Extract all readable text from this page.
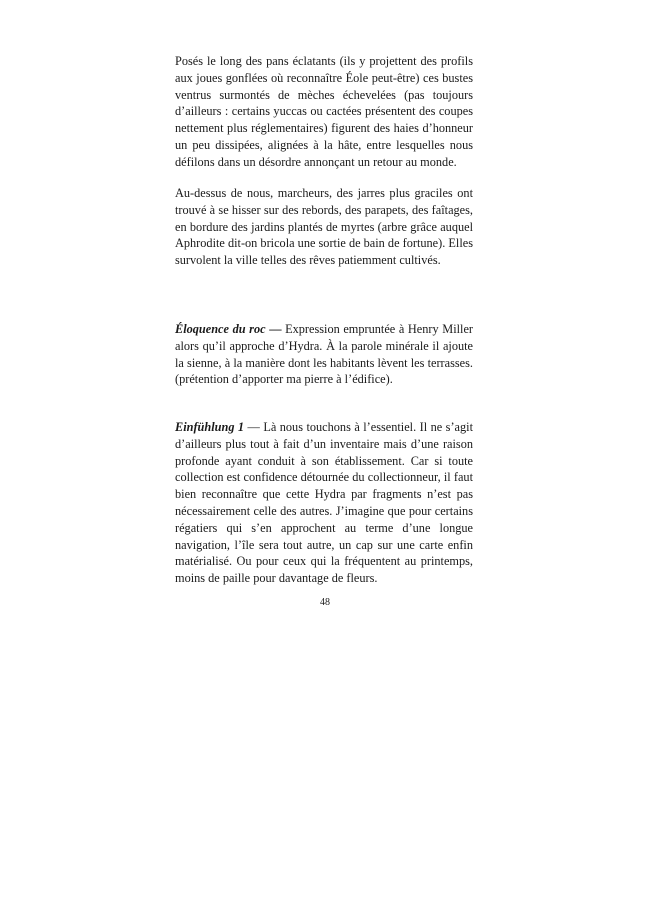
Posés le long des pans éclatants (ils y projettent des profils aux joues gonflées où reconnaître Éole peut-être) ces bustes ventrus surmontés de mèches échevelées (pas toujours d’ailleurs : certains yuccas ou cactées présentent des coupes nettement plus réglementaires) figurent des haies d’honneur un peu dissipées, alignées à la hâte, entre lesquelles nous défilons dans un désordre annonçant un retour au monde.

Au-dessus de nous, marcheurs, des jarres plus graciles ont trouvé à se hisser sur des rebords, des parapets, des faîtages, en bordure des jardins plantés de myrtes (arbre grâce auquel Aphrodite dit-on bricola une sortie de bain de fortune). Elles survolent la ville telles des rêves patiemment cultivés.

Éloquence du roc — Expression empruntée à Henry Miller alors qu’il approche d’Hydra. À la parole minérale il ajoute la sienne, à la manière dont les habitants lèvent les terrasses. (prétention d’apporter ma pierre à l’édifice).

Einfühlung 1 — Là nous touchons à l’essentiel. Il ne s’agit d’ailleurs plus tout à fait d’un inventaire mais d’une raison profonde ayant conduit à son établissement. Car si toute collection est confidence détournée du collectionneur, il faut bien reconnaître que cette Hydra par fragments n’est pas nécessairement celle des autres. J’imagine que pour certains régatiers qui s’en approchent au terme d’une longue navigation, l’île sera tout autre, un cap sur une carte enfin matérialisé. Ou pour ceux qui la fréquentent au printemps, moins de paille pour davantage de fleurs.

48
